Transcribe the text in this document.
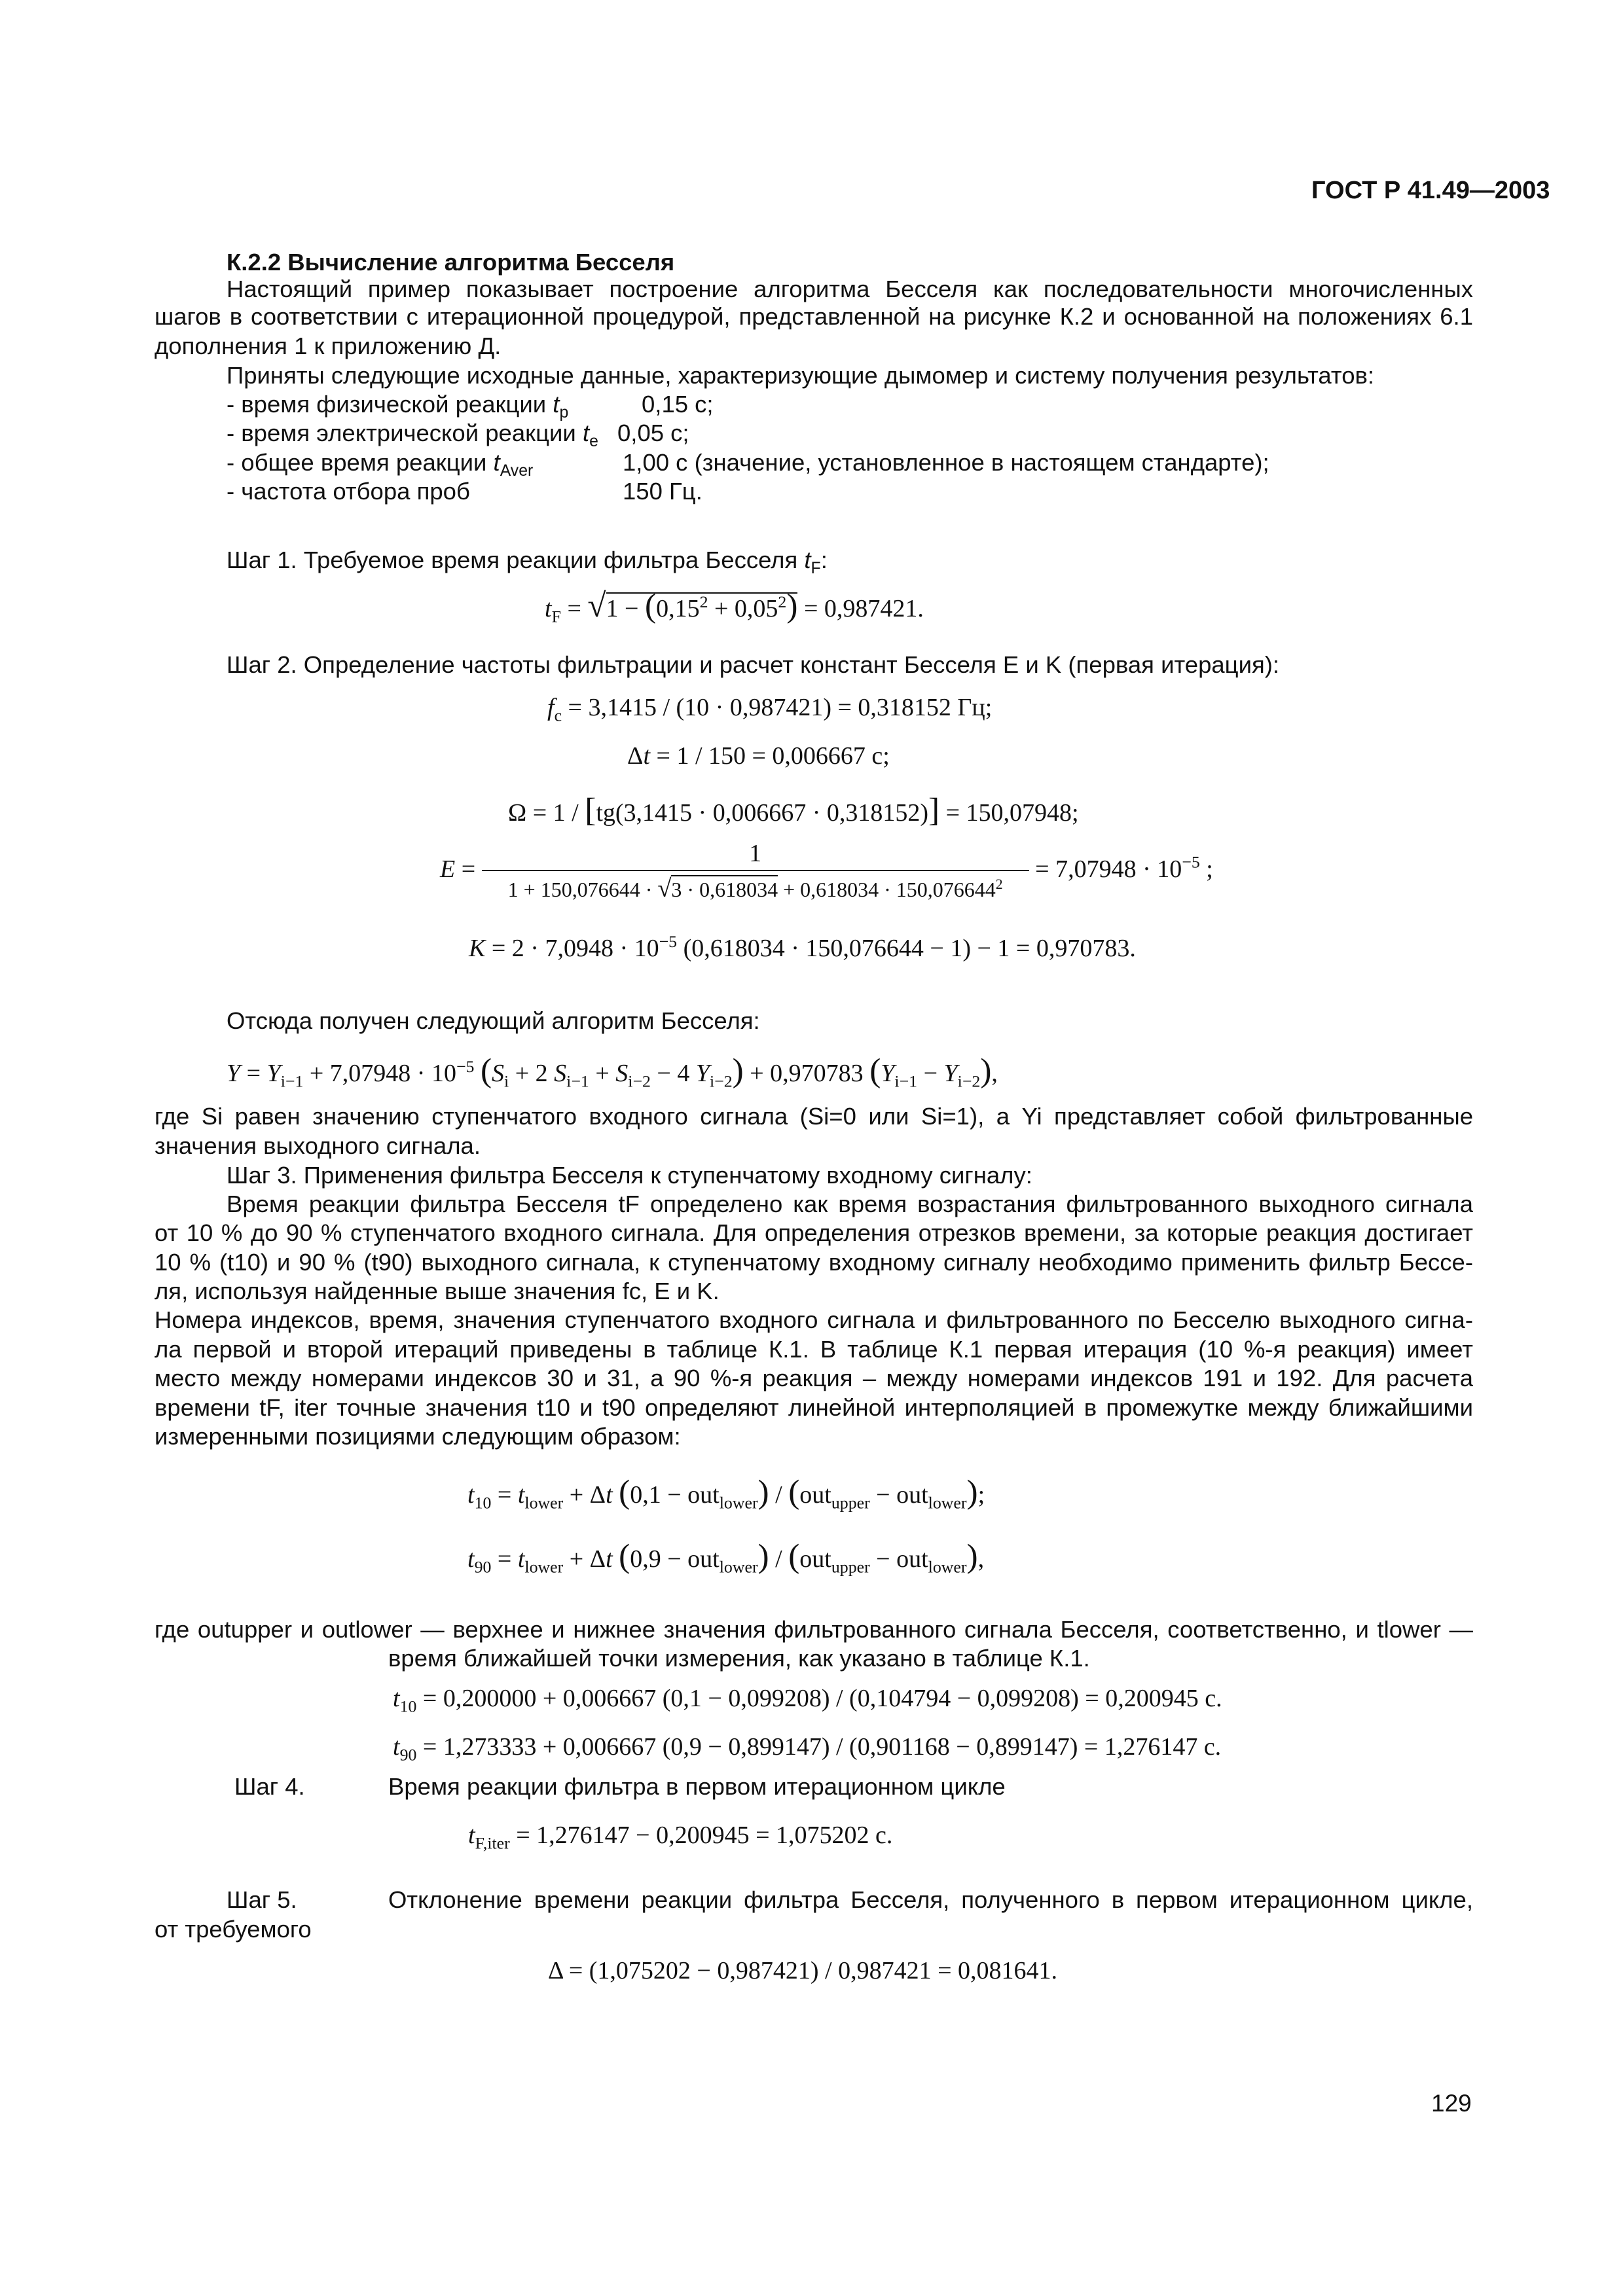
ГОСТ Р 41.49—2003
К.2.2 Вычисление алгоритма Бесселя
Настоящий пример показывает построение алгоритма Бесселя как последовательности многочисленных
шагов в соответствии с итерационной процедурой, представленной на рисунке К.2 и основанной на положениях 6.1
дополнения 1 к приложению Д.
Приняты следующие исходные данные, характеризующие дымомер и систему получения результатов:
- время физической реакции $t_p$	0,15 с;
- время электрической реакции $t_e$ 0,05 с;
- общее время реакции $t_{Aver}$	1,00 с (значение, установленное в настоящем стандарте);
- частота отбора проб	150 Гц.
Шаг 1. Требуемое время реакции фильтра Бесселя $t_F$:
$t_F = √1 - (0,15^2 + 0,05^2) = 0,987421$.
Шаг 2. Определение частоты фильтрации и расчет констант Бесселя E и K (первая итерация):
$f_c = 3,1415 / (10 \cdot 0,987421) = 0,318152$ Гц;
Δt = 1 / 150 = 0,006667 с;
Ω = 1 / [tg(3,1415 · 0,006667 · 0,318152)] = 150,07948;
$E = \frac{1}{1 + 150,076644 \cdot √3 \cdot 0,618034 + 0,618034 \cdot 150,076644^2} = 7,07948 \cdot 10^{-5}$ ;
$K = 2 \cdot 7,0948 \cdot 10^{-5}$ (0,618034 · 150,076644 − 1) − 1 = 0,970783.
Отсюда получен следующий алгоритм Бесселя:
$Y = Y_{i-1} + 7,07948 \cdot 10^{-5}$ ($S_i + 2$ $S_{i-1} + S_{i-2} - 4$ $Y_{i-2}) + 0,970783$ $(Y_{i-1} - Y_{i-2})$,
где Si равен значению ступенчатого входного сигнала (Si=0 или Si=1), а Yi представляет собой фильтрованные
значения выходного сигнала.
Шаг 3. Применения фильтра Бесселя к ступенчатому входному сигналу:
Время реакции фильтра Бесселя tF определено как время возрастания фильтрованного выходного сигнала
от 10 % до 90 % ступенчатого входного сигнала. Для определения отрезков времени, за которые реакция достигает
10 % (t10) и 90 % (t90) выходного сигнала, к ступенчатому входному сигналу необходимо применить фильтр Бессе-
ля, используя найденные выше значения fc, E и K.
Номера индексов, время, значения ступенчатого входного сигнала и фильтрованного по Бесселю выходного сигна-
ла первой и второй итераций приведены в таблице К.1. В таблице К.1 первая итерация (10 %-я реакция) имеет
место между номерами индексов 30 и 31, а 90 %-я реакция – между номерами индексов 191 и 192. Для расчета
времени tF, iter точные значения t10 и t90 определяют линейной интерполяцией в промежутке между ближайшими
измеренными позициями следующим образом:
$t_{10} = t_{lower} + \Delta t$ (0,1 − out$_{lower}$) / (out$_{upper}$ − out$_{lower}$);
$t_{90} = t_{lower} + \Delta t$ (0,9 − out$_{lower}$) / (out$_{upper}$ − out$_{lower}$),
где outupper и outlower — верхнее и нижнее значения фильтрованного сигнала Бесселя, соответственно, и tlower —
время ближайшей точки измерения, как указано в таблице К.1.
$t_{10} = 0,200000 + 0,006667$ (0,1 − 0,099208) / (0,104794 − 0,099208) = 0,200945 с.
$t_{90} = 1,273333 + 0,006667$ (0,9 − 0,899147) / (0,901168 − 0,899147) = 1,276147 с.
Шаг 4.	Время реакции фильтра в первом итерационном цикле
$t_{F,iter} = 1,276147 - 0,200945 = 1,075202$ с.
Шаг 5.	Отклонение времени реакции фильтра Бесселя, полученного в первом итерационном цикле,
от требуемого
Δ = (1,075202 − 0,987421) / 0,987421 = 0,081641.
129
